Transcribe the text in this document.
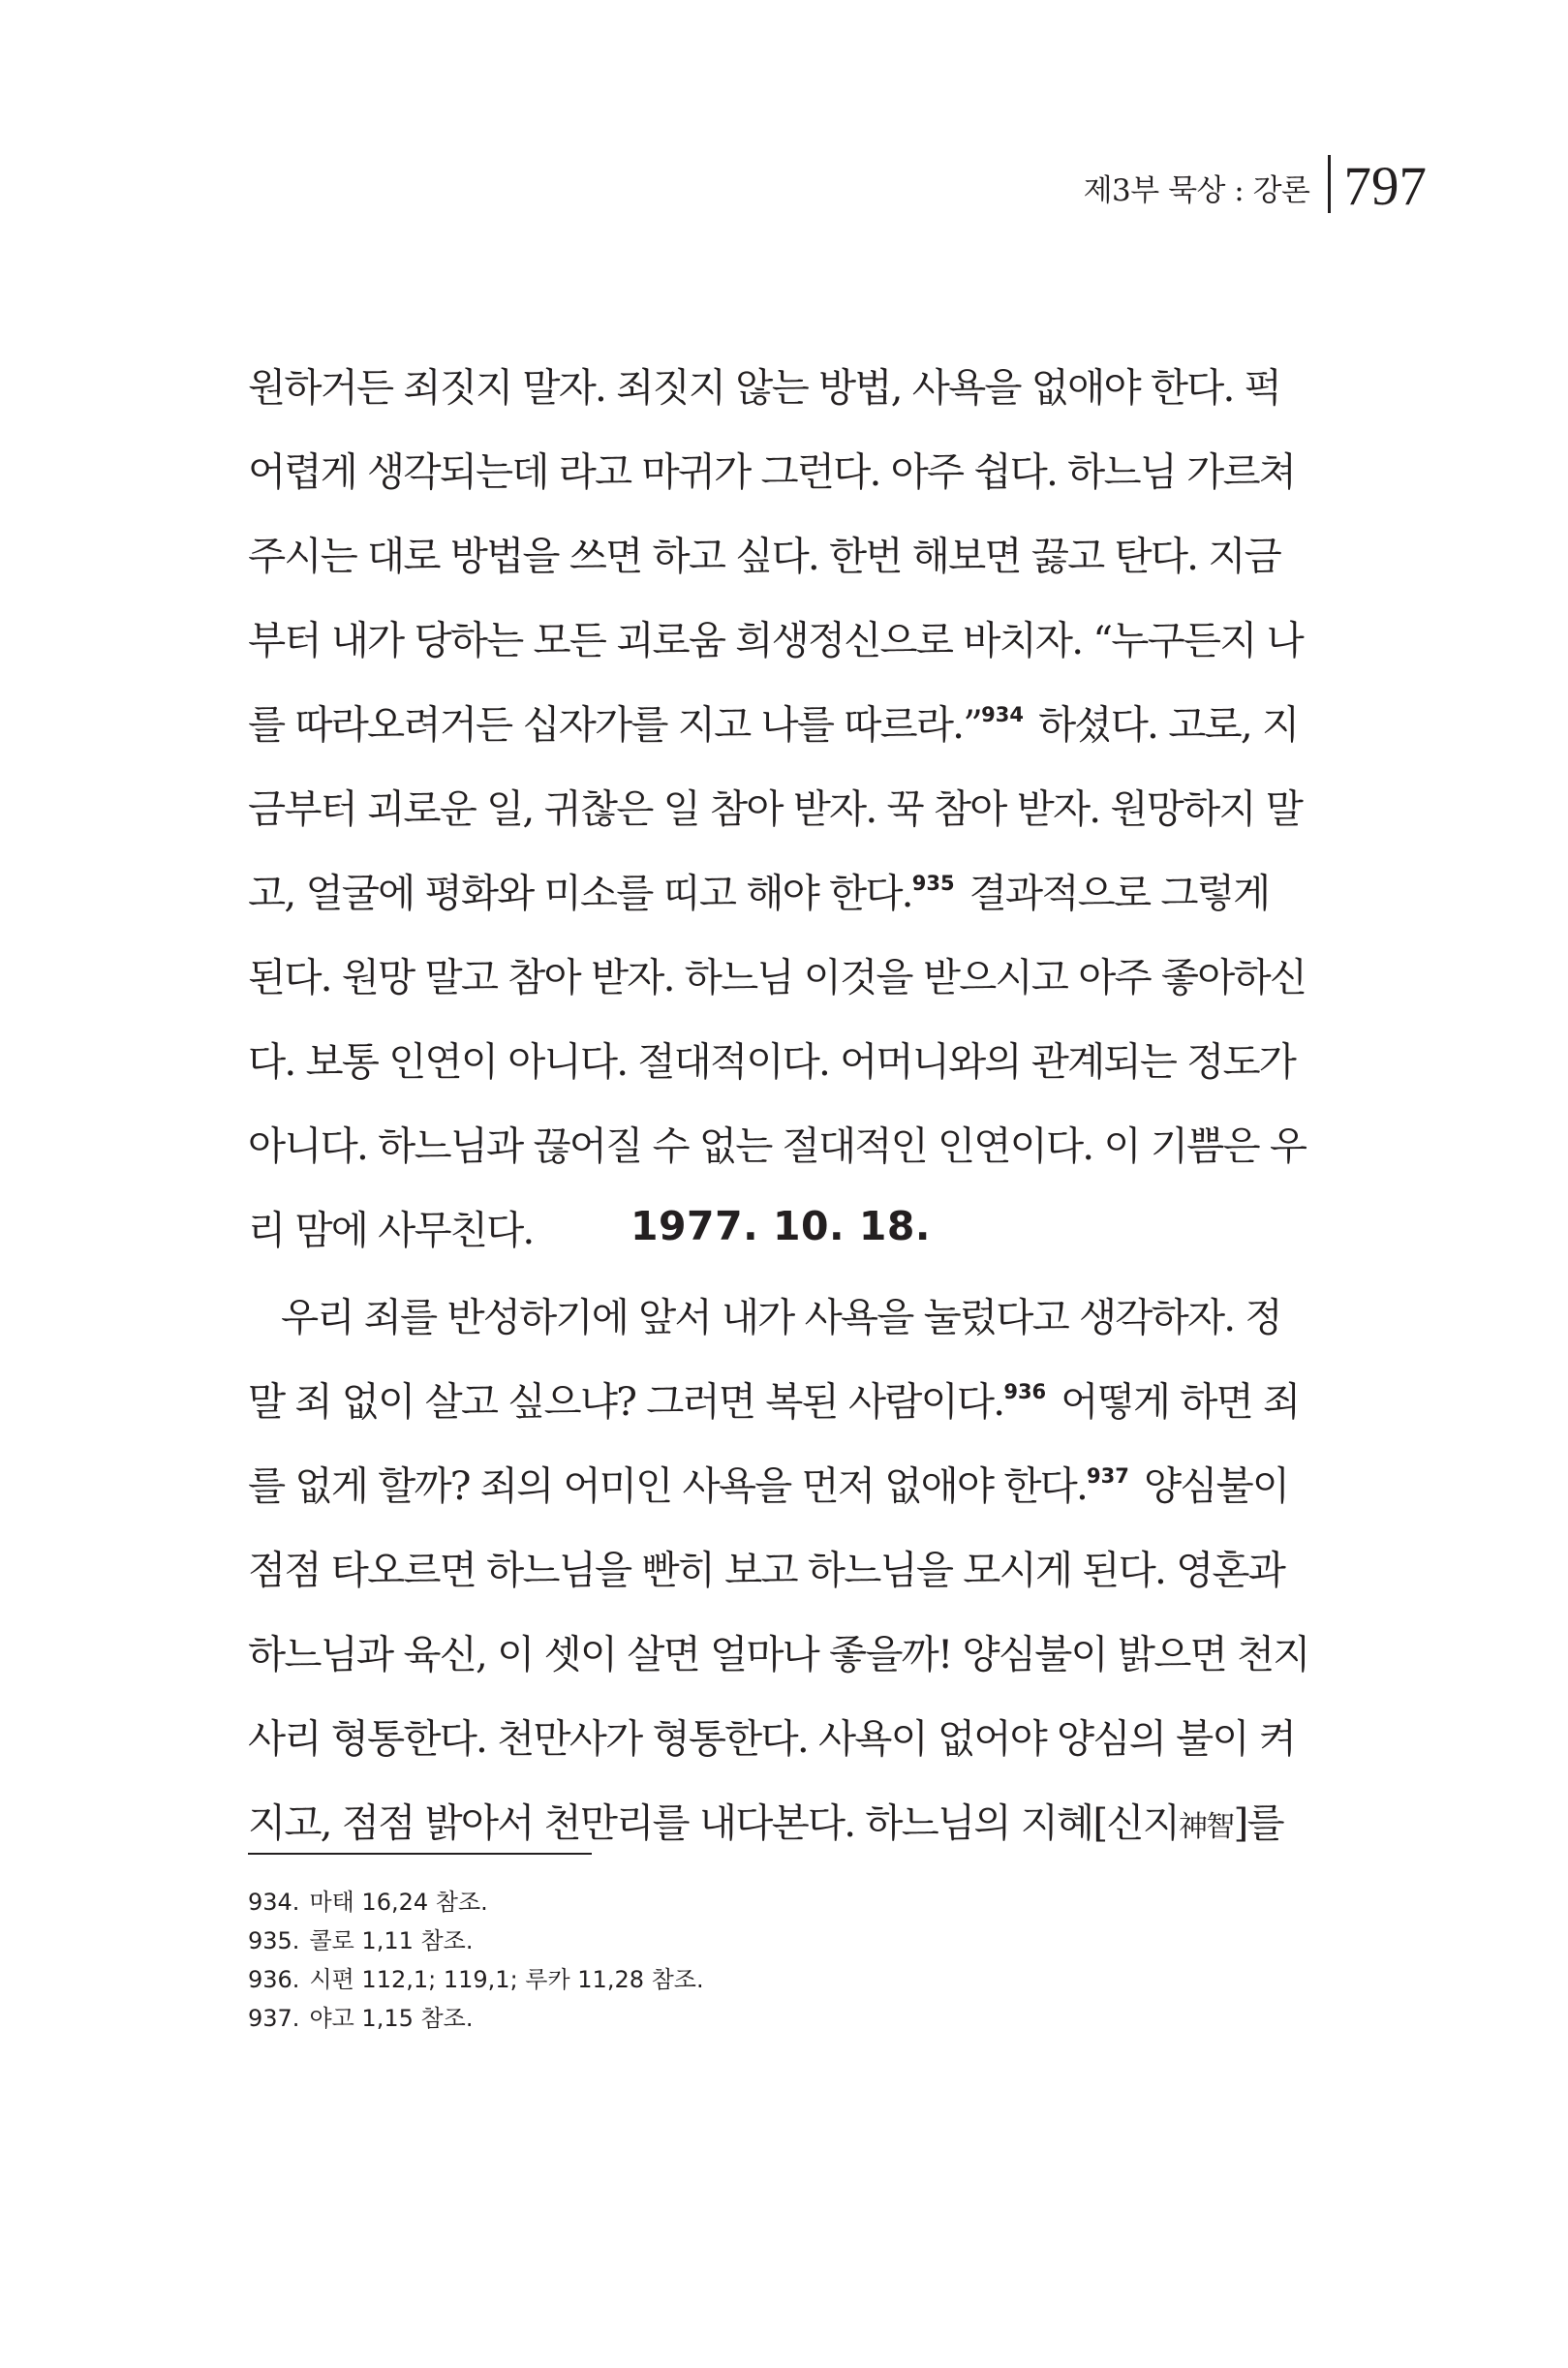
제3부 묵상 : 강론 797
원하거든 죄짓지 말자. 죄짓지 않는 방법, 사욕을 없애야 한다. 퍽
어렵게 생각되는데 라고 마귀가 그런다. 아주 쉽다. 하느님 가르쳐
주시는 대로 방법을 쓰면 하고 싶다. 한번 해보면 끓고 탄다. 지금
부터 내가 당하는 모든 괴로움 희생정신으로 바치자. “누구든지 나
를 따라오려거든 십자가를 지고 나를 따르라.”$^{934}$ 하셨다. 고로, 지
금부터 괴로운 일, 귀찮은 일 참아 받자. 꾹 참아 받자. 원망하지 말
고, 얼굴에 평화와 미소를 띠고 해야 한다.$^{935}$ 결과적으로 그렇게
된다. 원망 말고 참아 받자. 하느님 이것을 받으시고 아주 좋아하신
다. 보통 인연이 아니다. 절대적이다. 어머니와의 관계되는 정도가
아니다. 하느님과 끊어질 수 없는 절대적인 인연이다. 이 기쁨은 우
리 맘에 사무친다.	1977. 10. 18.
우리 죄를 반성하기에 앞서 내가 사욕을 눌렀다고 생각하자. 정
말 죄 없이 살고 싶으냐? 그러면 복된 사람이다.$^{936}$ 어떻게 하면 죄
를 없게 할까? 죄의 어미인 사욕을 먼저 없애야 한다.$^{937}$ 양심불이
점점 타오르면 하느님을 빤히 보고 하느님을 모시게 된다. 영혼과
하느님과 육신, 이 셋이 살면 얼마나 좋을까! 양심불이 밝으면 천지
사리 형통한다. 천만사가 형통한다. 사욕이 없어야 양심의 불이 켜
지고, 점점 밝아서 천만리를 내다본다. 하느님의 지혜[신지神智]를
934. 마태 16,24 참조.
935. 콜로 1,11 참조.
936. 시편 112,1; 119,1; 루카 11,28 참조.
937. 야고 1,15 참조.
